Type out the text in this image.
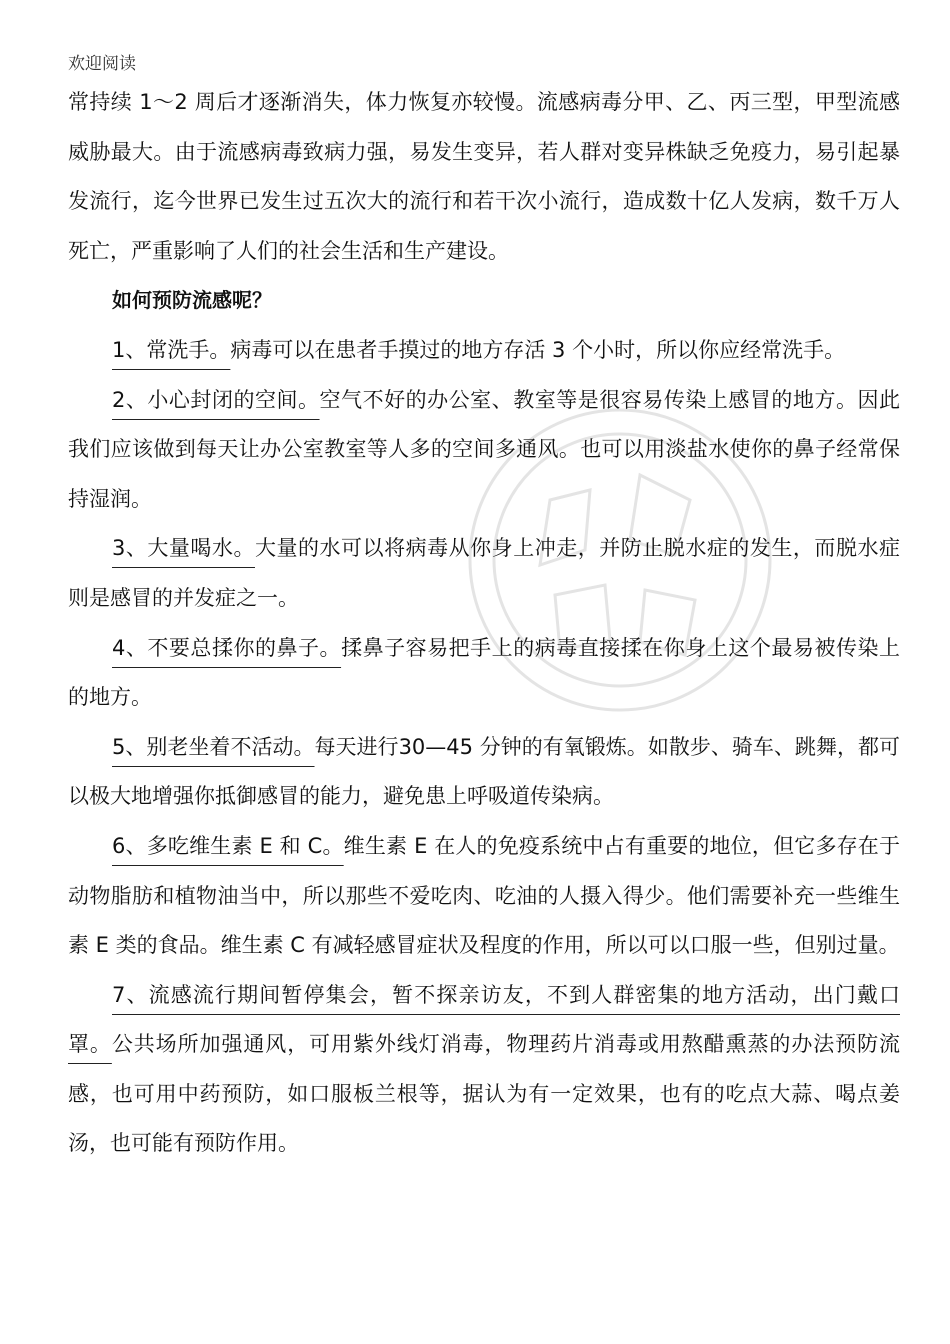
欢迎阅读

常持续 1～2 周后才逐渐消失，体力恢复亦较慢。流感病毒分甲、乙、丙三型，甲型流感威胁最大。由于流感病毒致病力强，易发生变异，若人群对变异株缺乏免疫力，易引起暴发流行，迄今世界已发生过五次大的流行和若干次小流行，造成数十亿人发病，数千万人死亡，严重影响了人们的社会生活和生产建设。

如何预防流感呢？

1、常洗手。病毒可以在患者手摸过的地方存活 3 个小时，所以你应经常洗手。

2、小心封闭的空间。空气不好的办公室、教室等是很容易传染上感冒的地方。因此我们应该做到每天让办公室教室等人多的空间多通风。也可以用淡盐水使你的鼻子经常保持湿润。

3、大量喝水。大量的水可以将病毒从你身上冲走，并防止脱水症的发生，而脱水症则是感冒的并发症之一。

4、不要总揉你的鼻子。揉鼻子容易把手上的病毒直接揉在你身上这个最易被传染上的地方。

5、别老坐着不活动。每天进行30—45 分钟的有氧锻炼。如散步、骑车、跳舞，都可以极大地增强你抵御感冒的能力，避免患上呼吸道传染病。

6、多吃维生素 E 和 C。维生素 E 在人的免疫系统中占有重要的地位，但它多存在于动物脂肪和植物油当中，所以那些不爱吃肉、吃油的人摄入得少。他们需要补充一些维生素 E 类的食品。维生素 C 有减轻感冒症状及程度的作用，所以可以口服一些，但别过量。

7、流感流行期间暂停集会，暂不探亲访友，不到人群密集的地方活动，出门戴口罩。公共场所加强通风，可用紫外线灯消毒，物理药片消毒或用熬醋熏蒸的办法预防流感，也可用中药预防，如口服板兰根等，据认为有一定效果，也有的吃点大蒜、喝点姜汤，也可能有预防作用。
